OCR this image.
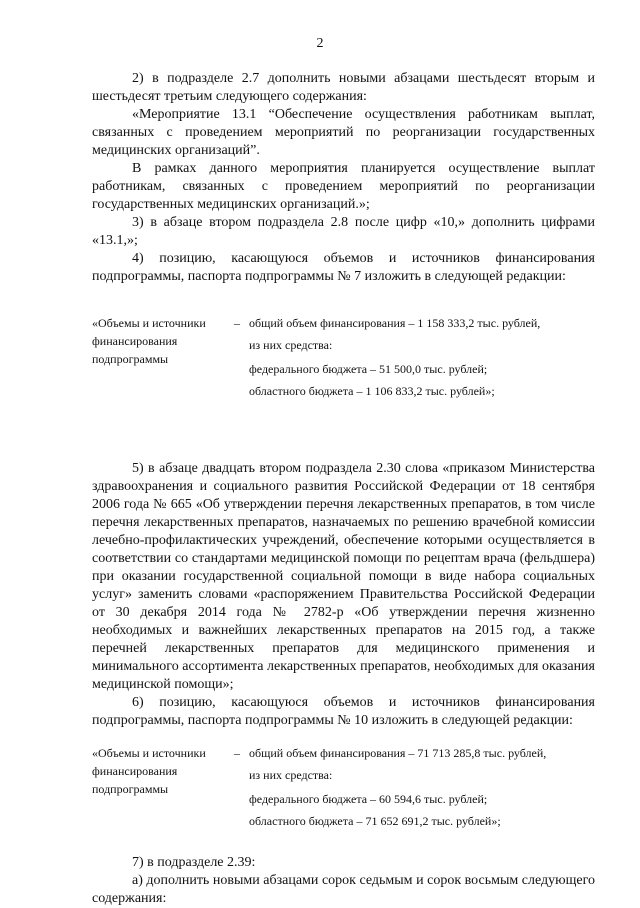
2

2) в подразделе 2.7 дополнить новыми абзацами шестьдесят вторым и шестьдесят третьим следующего содержания:

«Мероприятие 13.1 “Обеспечение осуществления работникам выплат, связанных с проведением мероприятий по реорганизации государственных медицинских организаций”.

В рамках данного мероприятия планируется осуществление выплат работникам, связанных с проведением мероприятий по реорганизации государственных медицинских организаций.»;

3) в абзаце втором подраздела 2.8 после цифр «10,» дополнить цифрами «13.1,»;

4) позицию, касающуюся объемов и источников финансирования подпрограммы, паспорта подпрограммы № 7 изложить в следующей редакции:

«Объемы и источники финансирования подпрограммы
– общий объем финансирования – 1 158 333,2 тыс. рублей,
из них средства:
федерального бюджета – 51 500,0 тыс. рублей;
областного бюджета – 1 106 833,2 тыс. рублей»;

5) в абзаце двадцать втором подраздела 2.30 слова «приказом Министерства здравоохранения и социального развития Российской Федерации от 18 сентября 2006 года № 665 «Об утверждении перечня лекарственных препаратов, в том числе перечня лекарственных препаратов, назначаемых по решению врачебной комиссии лечебно-профилактических учреждений, обеспечение которыми осуществляется в соответствии со стандартами медицинской помощи по рецептам врача (фельдшера) при оказании государственной социальной помощи в виде набора социальных услуг» заменить словами «распоряжением Правительства Российской Федерации от 30 декабря 2014 года № 2782-р «Об утверждении перечня жизненно необходимых и важнейших лекарственных препаратов на 2015 год, а также перечней лекарственных препаратов для медицинского применения и минимального ассортимента лекарственных препаратов, необходимых для оказания медицинской помощи»;

6) позицию, касающуюся объемов и источников финансирования подпрограммы, паспорта подпрограммы № 10 изложить в следующей редакции:

«Объемы и источники финансирования подпрограммы
– общий объем финансирования – 71 713 285,8 тыс. рублей,
из них средства:
федерального бюджета – 60 594,6 тыс. рублей;
областного бюджета – 71 652 691,2 тыс. рублей»;

7) в подразделе 2.39:

а) дополнить новыми абзацами сорок седьмым и сорок восьмым следующего содержания:
